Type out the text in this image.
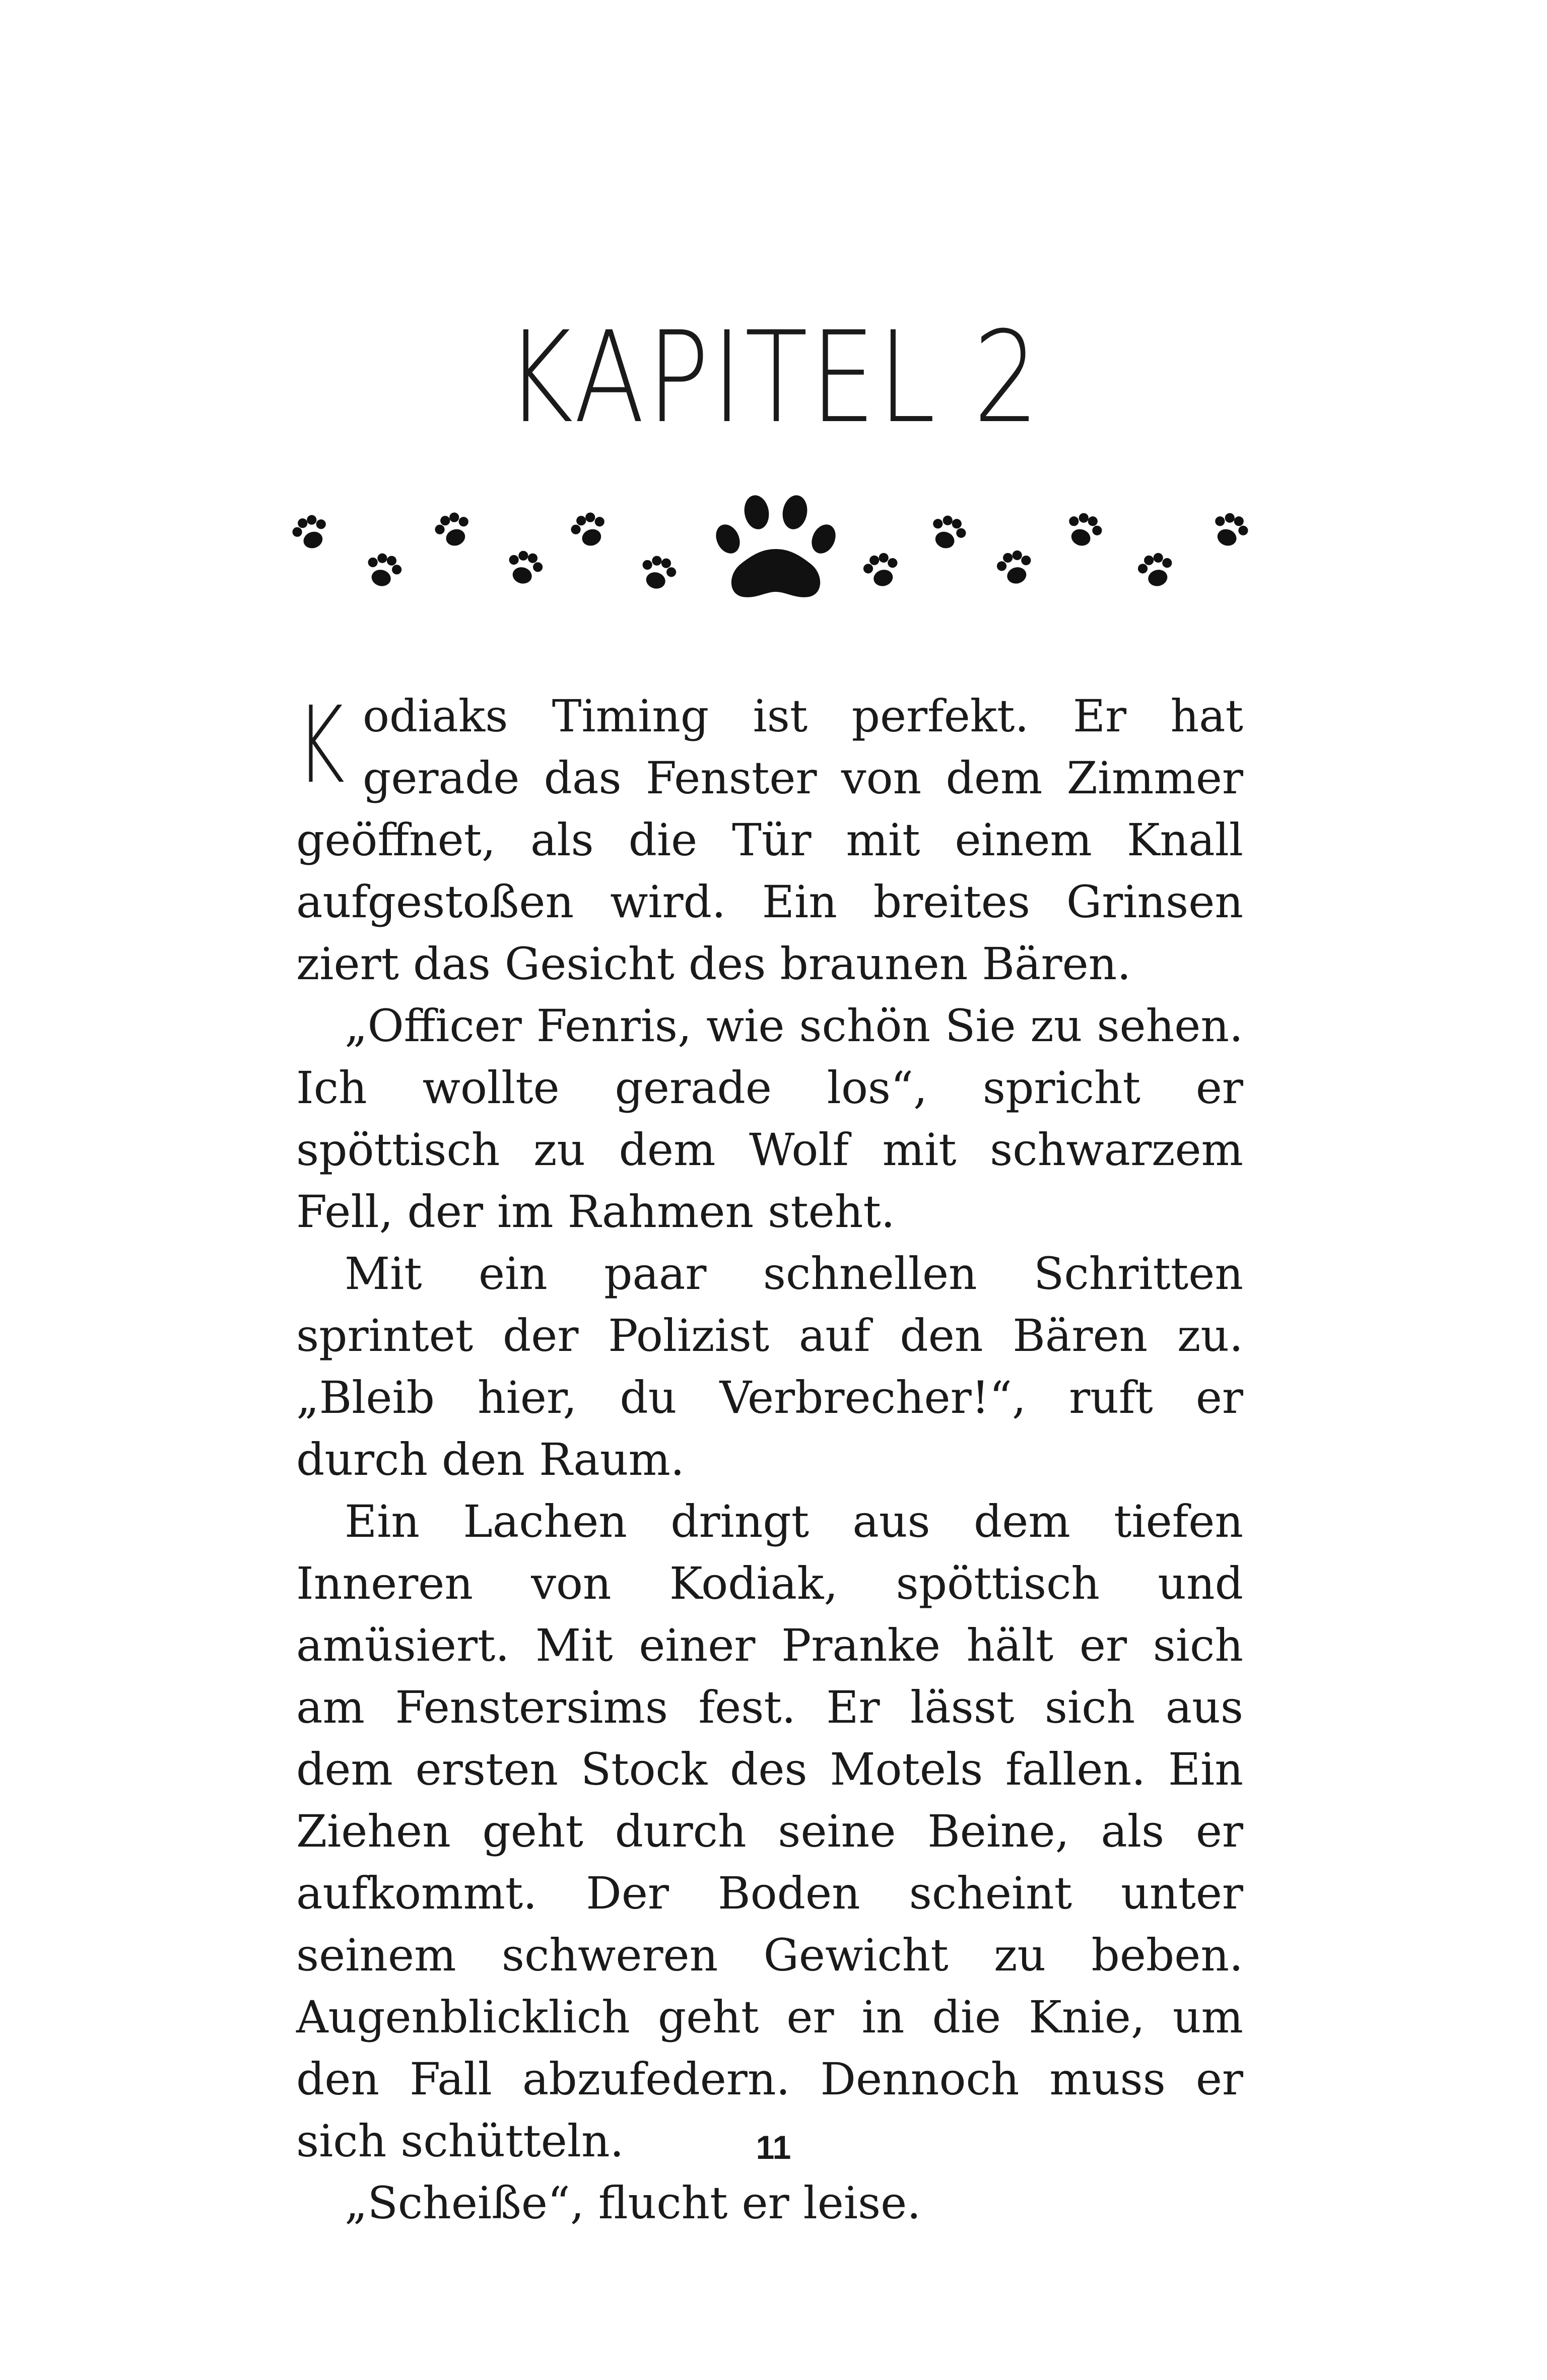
KAPITEL 2

Kodiaks Timing ist perfekt. Er hat gerade das Fenster von dem Zimmer geöffnet, als die Tür mit einem Knall aufgestoßen wird. Ein breites Grinsen ziert das Gesicht des braunen Bären.

„Officer Fenris, wie schön Sie zu sehen. Ich wollte gerade los“, spricht er spöttisch zu dem Wolf mit schwarzem Fell, der im Rahmen steht.

Mit ein paar schnellen Schritten sprintet der Polizist auf den Bären zu. „Bleib hier, du Verbrecher!“, ruft er durch den Raum.

Ein Lachen dringt aus dem tiefen Inneren von Kodiak, spöttisch und amüsiert. Mit einer Pranke hält er sich am Fenstersims fest. Er lässt sich aus dem ersten Stock des Motels fallen. Ein Ziehen geht durch seine Beine, als er aufkommt. Der Boden scheint unter seinem schweren Gewicht zu beben. Augenblicklich geht er in die Knie, um den Fall abzufedern. Dennoch muss er sich schütteln.

„Scheiße“, flucht er leise.

11
